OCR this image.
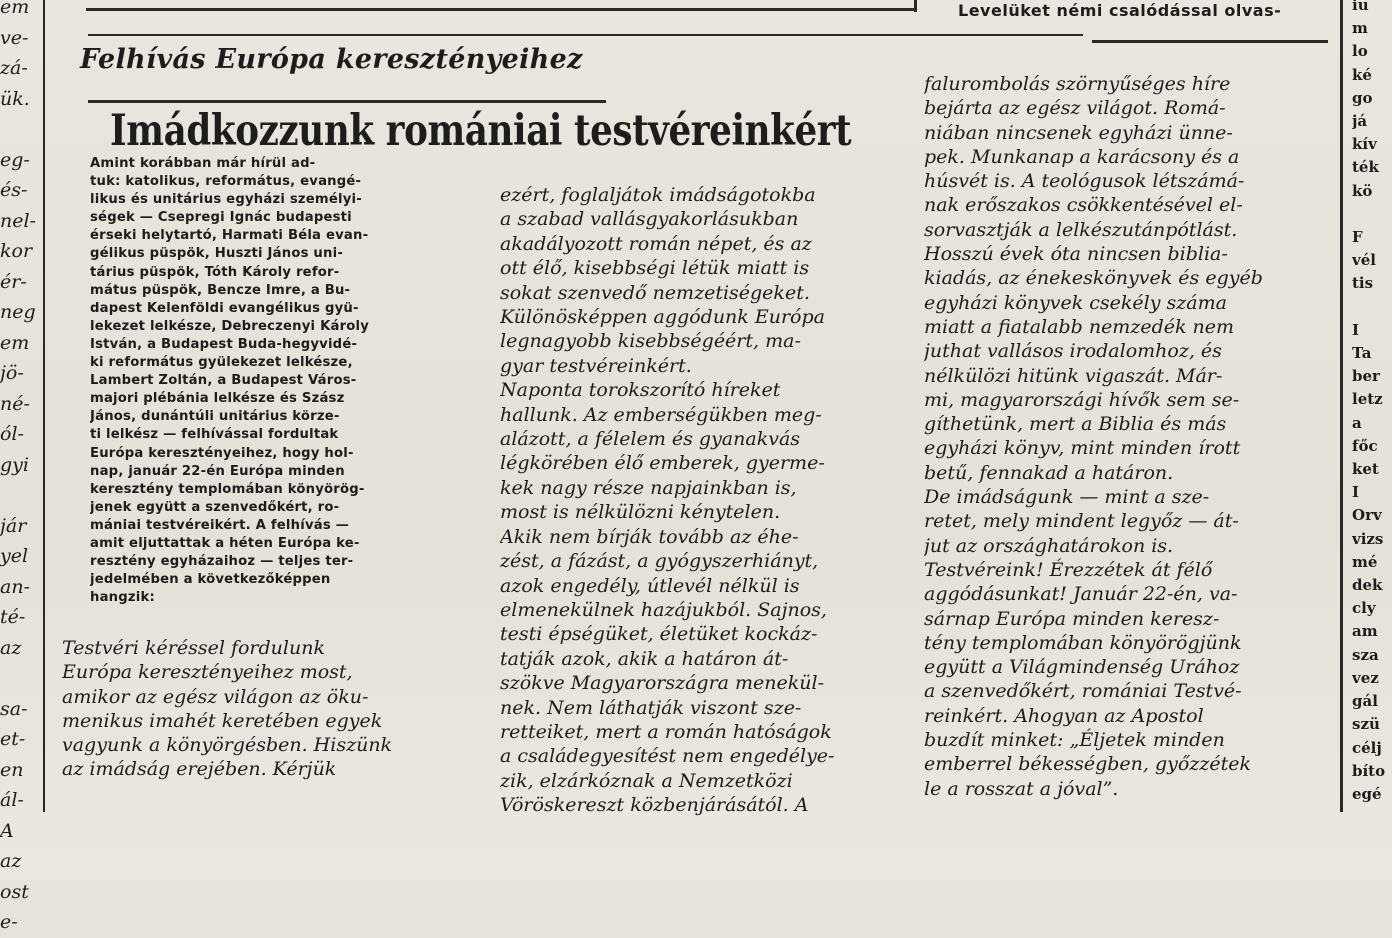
Levelüket némi csalódással olvas-
em
ve-
zá-
ük.

eg-
és-
nel-
kor
ér-
neg
em
jö-
né-
ól-
gyi

jár
yel
an-
té-
az

sa-
et-
en
ál-
A
az
ost
e-
iu
m
lo
ké
go
já
kív
ték
kö

F
vél
tis

I
Ta
ber
letz
a
főc
ket
I
Orv
vizs
mé
dek
cly
am
sza
vez
gál
szü
célj
bíto
egé
Felhívás Európa keresztényeihez
Imádkozzunk romániai testvéreinkért
Amint korábban már hírül ad-
tuk: katolikus, református, evangé-
likus és unitárius egyházi személyi-
ségek — Csepregi Ignác budapesti
érseki helytartó, Harmati Béla evan-
gélikus püspök, Huszti János uni-
tárius püspök, Tóth Károly refor-
mátus püspök, Bencze Imre, a Bu-
dapest Kelenföldi evangélikus gyü-
lekezet lelkésze, Debreczenyi Károly
István, a Budapest Buda-hegyvidé-
ki református gyülekezet lelkésze,
Lambert Zoltán, a Budapest Város-
majori plébánia lelkésze és Szász
János, dunántúli unitárius körze-
ti lelkész — felhívással fordultak
Európa keresztényeihez, hogy hol-
nap, január 22-én Európa minden
keresztény templomában könyörög-
jenek együtt a szenvedőkért, ro-
mániai testvéreikért. A felhívás —
amit eljuttattak a héten Európa ke-
resztény egyházaihoz — teljes ter-
jedelmében a következőképpen
hangzik:
Testvéri kéréssel fordulunk
Európa keresztényeihez most,
amikor az egész világon az öku-
menikus imahét keretében egyek
vagyunk a könyörgésben. Hiszünk
az imádság erejében. Kérjük
ezért, foglaljátok imádságotokba
a szabad vallásgyakorlásukban
akadályozott román népet, és az
ott élő, kisebbségi létük miatt is
sokat szenvedő nemzetiségeket.
Különösképpen aggódunk Európa
legnagyobb kisebbségéért, ma-
gyar testvéreinkért.
Naponta torokszorító híreket
hallunk. Az emberségükben meg-
alázott, a félelem és gyanakvás
légkörében élő emberek, gyerme-
kek nagy része napjainkban is,
most is nélkülözni kénytelen.
Akik nem bírják tovább az éhe-
zést, a fázást, a gyógyszerhiányt,
azok engedély, útlevél nélkül is
elmenekülnek hazájukból. Sajnos,
testi épségüket, életüket kockáz-
tatják azok, akik a határon át-
szökve Magyarországra menekül-
nek. Nem láthatják viszont sze-
retteiket, mert a román hatóságok
a családegyesítést nem engedélye-
zik, elzárkóznak a Nemzetközi
Vöröskereszt közbenjárásától. A
falurombolás szörnyűséges híre
bejárta az egész világot. Romá-
niában nincsenek egyházi ünne-
pek. Munkanap a karácsony és a
húsvét is. A teológusok létszámá-
nak erőszakos csökkentésével el-
sorvasztják a lelkészutánpótlást.
Hosszú évek óta nincsen biblia-
kiadás, az énekeskönyvek és egyéb
egyházi könyvek csekély száma
miatt a fiatalabb nemzedék nem
juthat vallásos irodalomhoz, és
nélkülözi hitünk vigaszát. Már-
mi, magyarországi hívők sem se-
gíthetünk, mert a Biblia és más
egyházi könyv, mint minden írott
betű, fennakad a határon.
De imádságunk — mint a sze-
retet, mely mindent legyőz — át-
jut az országhatárokon is.
Testvéreink! Érezzétek át félő
aggódásunkat! Január 22-én, va-
sárnap Európa minden keresz-
tény templomában könyörögjünk
együtt a Világmindenség Urához
a szenvedőkért, romániai Testvé-
reinkért. Ahogyan az Apostol
buzdít minket: „Éljetek minden
emberrel békességben, győzzétek
le a rosszat a jóval”.
